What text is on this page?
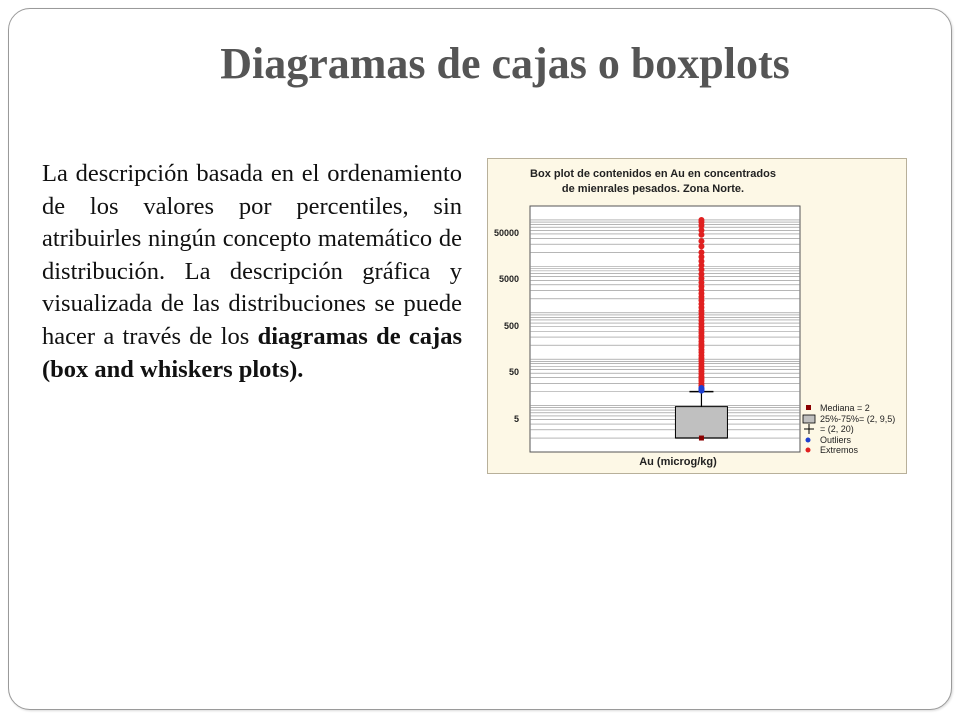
Diagramas de cajas o boxplots
La descripción basada en el ordenamiento de los valores por percentiles, sin atribuirles ningún concepto matemático de distribución. La descripción gráfica y visualizada de las distribuciones se puede hacer a través de los diagramas de cajas (box and whiskers plots).
Box plot de contenidos en Au en concentrados
de mienrales pesados. Zona Norte.
50000
5000
500
50
5
Au (microg/kg)
Mediana = 2
25%-75%= (2, 9,5)
= (2, 20)
Outliers
Extremos
